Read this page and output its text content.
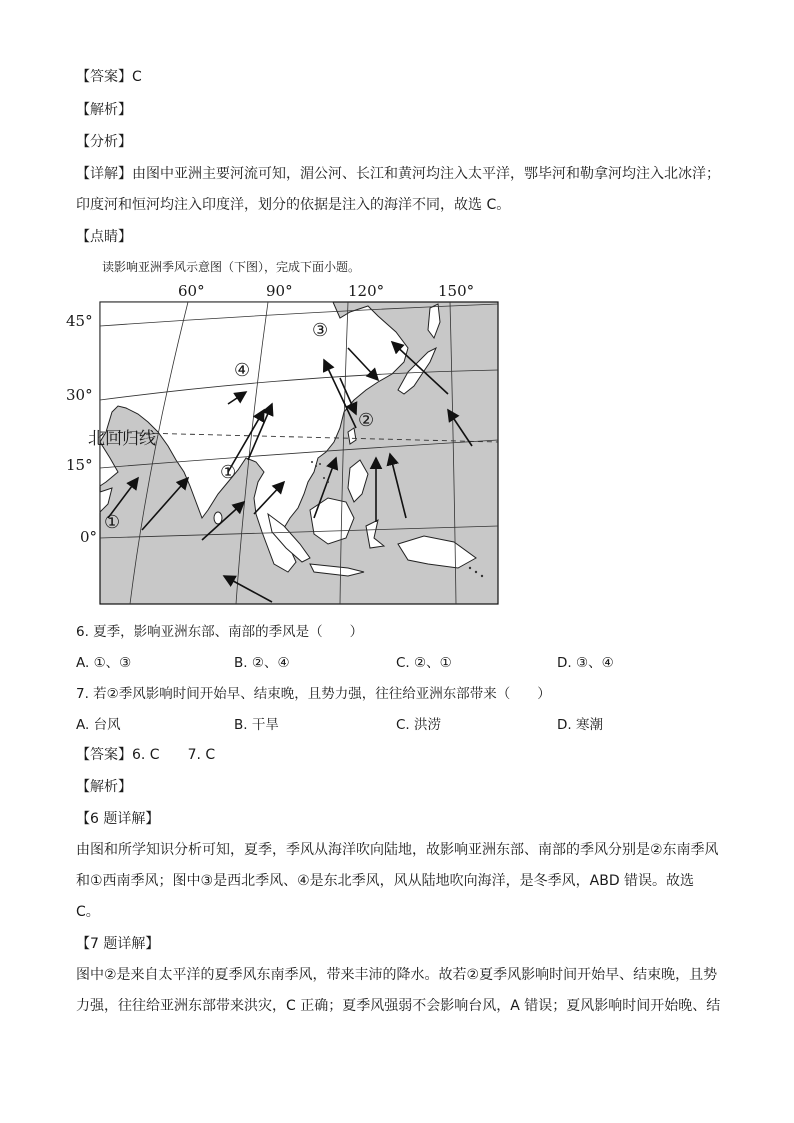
【答案】C
【解析】
【分析】
【详解】由图中亚洲主要河流可知，湄公河、长江和黄河均注入太平洋，鄂毕河和勒拿河均注入北冰洋；
印度河和恒河均注入印度洋，划分的依据是注入的海洋不同，故选 C。
【点睛】
读影响亚洲季风示意图（下图），完成下面小题。
60°	90°	120°	150°
45°
30°
15°
0°
北回归线
③
④
②
①
①
6. 夏季，影响亚洲东部、南部的季风是（　　）
A. ①、③	B. ②、④	C. ②、①	D. ③、④
7. 若②季风影响时间开始早、结束晚，且势力强，往往给亚洲东部带来（　　）
A. 台风	B. 干旱	C. 洪涝	D. 寒潮
【答案】6. C　　7. C
【解析】
【6 题详解】
由图和所学知识分析可知，夏季，季风从海洋吹向陆地，故影响亚洲东部、南部的季风分别是②东南季风
和①西南季风；图中③是西北季风、④是东北季风，风从陆地吹向海洋，是冬季风，ABD 错误。故选
C。
【7 题详解】
图中②是来自太平洋的夏季风东南季风，带来丰沛的降水。故若②夏季风影响时间开始早、结束晚，且势
力强，往往给亚洲东部带来洪灾，C 正确；夏季风强弱不会影响台风，A 错误；夏风影响时间开始晚、结
